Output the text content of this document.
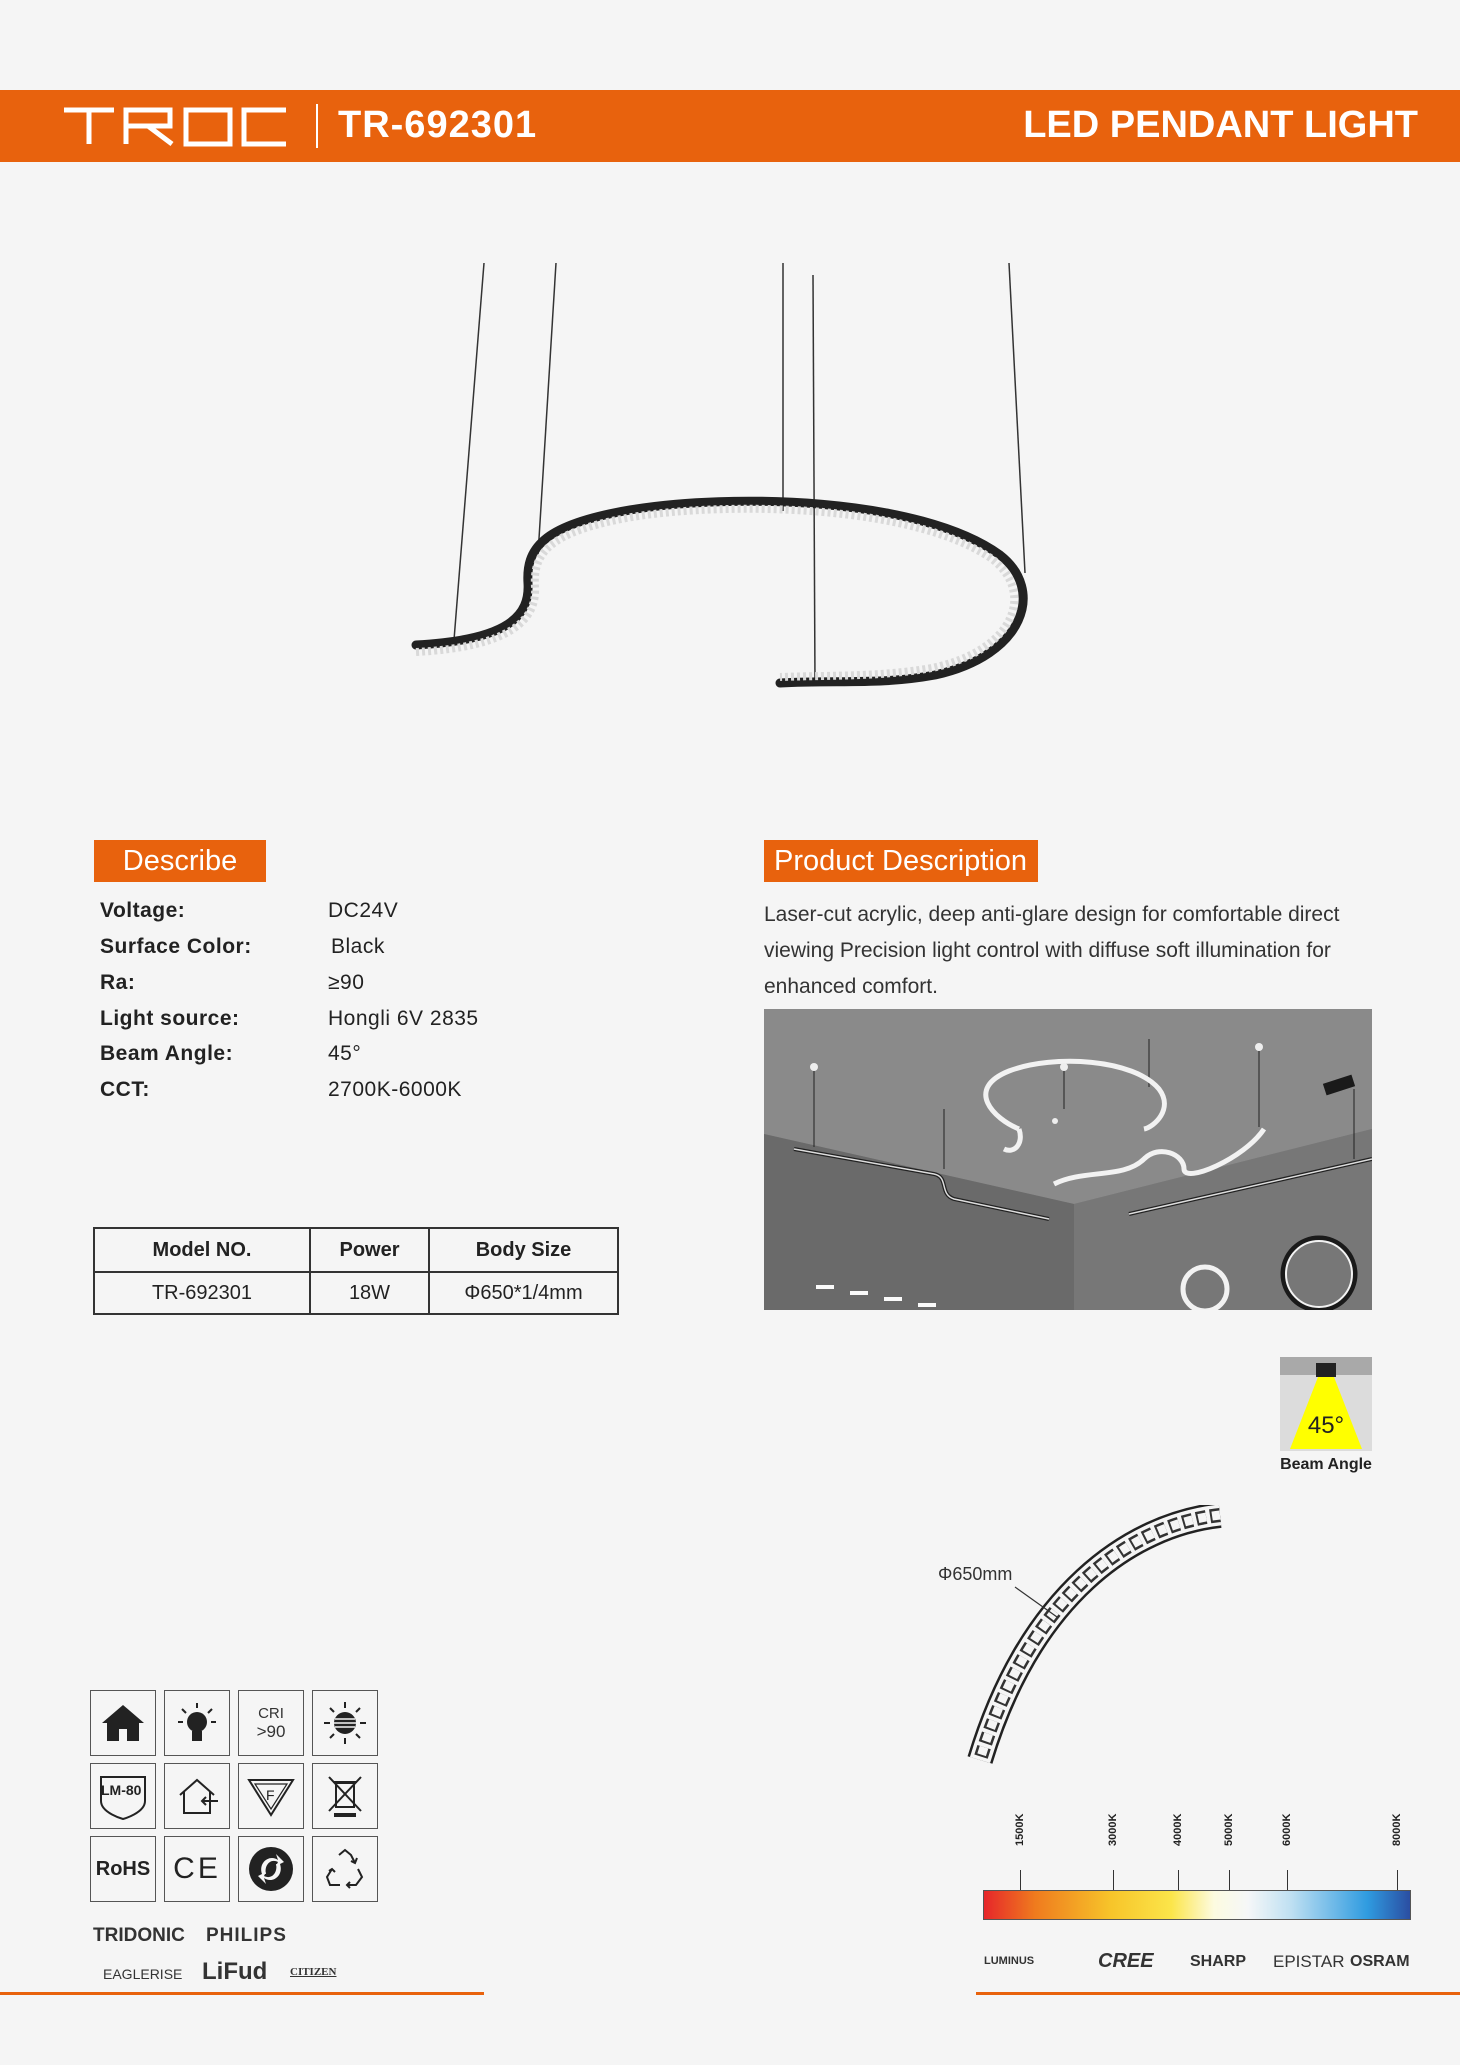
TR-692301	LED PENDANT LIGHT
Describe
Voltage:	DC24V
Surface Color:	Black
Ra:	≥90
Light source:	Hongli 6V 2835
Beam Angle:	45°
CCT:	2700K-6000K
Model NO.	Power	Body Size
TR-692301	18W	Φ650*1/4mm
Product Description
Laser-cut acrylic, deep anti-glare design for comfortable direct viewing Precision light control with diffuse soft illumination for enhanced comfort.
45°
Beam Angle
Φ650mm
CRI
>90
LM-80	F
RoHS CE
TRIDONIC PHILIPS
EAGLERISE LiFud CITIZEN
1500K	3000K	4000K	5000K	6000K	8000K
LUMINUS	CREE SHARP EPISTAR OSRAM
